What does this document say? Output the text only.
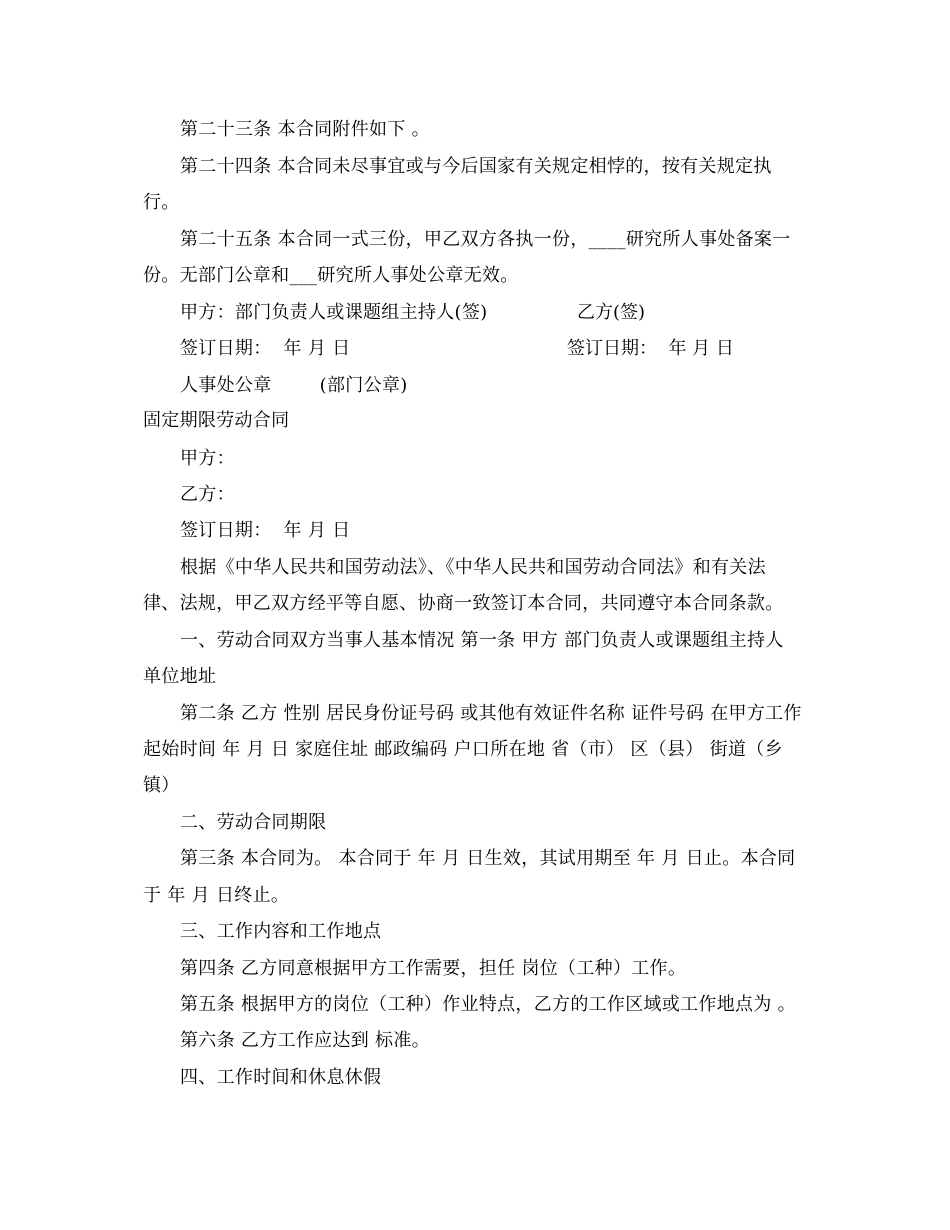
第二十三条 本合同附件如下 。
第二十四条 本合同未尽事宜或与今后国家有关规定相悖的，按有关规定执
行。
第二十五条 本合同一式三份，甲乙双方各执一份，____研究所人事处备案一
份。无部门公章和___研究所人事处公章无效。
甲方：部门负责人或课题组主持人(签)	乙方(签)
签订日期：  年 月 日	签订日期：  年 月 日
人事处公章        (部门公章)
固定期限劳动合同
甲方：
乙方：
签订日期：  年 月 日
根据《中华人民共和国劳动法》、《中华人民共和国劳动合同法》和有关法
律、法规，甲乙双方经平等自愿、协商一致签订本合同，共同遵守本合同条款。
一、劳动合同双方当事人基本情况 第一条 甲方 部门负责人或课题组主持人
单位地址
第二条 乙方 性别 居民身份证号码 或其他有效证件名称 证件号码 在甲方工作
起始时间 年 月 日 家庭住址 邮政编码 户口所在地 省（市） 区（县） 街道（乡
镇）
二、劳动合同期限
第三条 本合同为。 本合同于 年 月 日生效，其试用期至 年 月 日止。本合同
于 年 月 日终止。
三、工作内容和工作地点
第四条 乙方同意根据甲方工作需要，担任 岗位（工种）工作。
第五条 根据甲方的岗位（工种）作业特点，乙方的工作区域或工作地点为 。
第六条 乙方工作应达到 标准。
四、工作时间和休息休假
